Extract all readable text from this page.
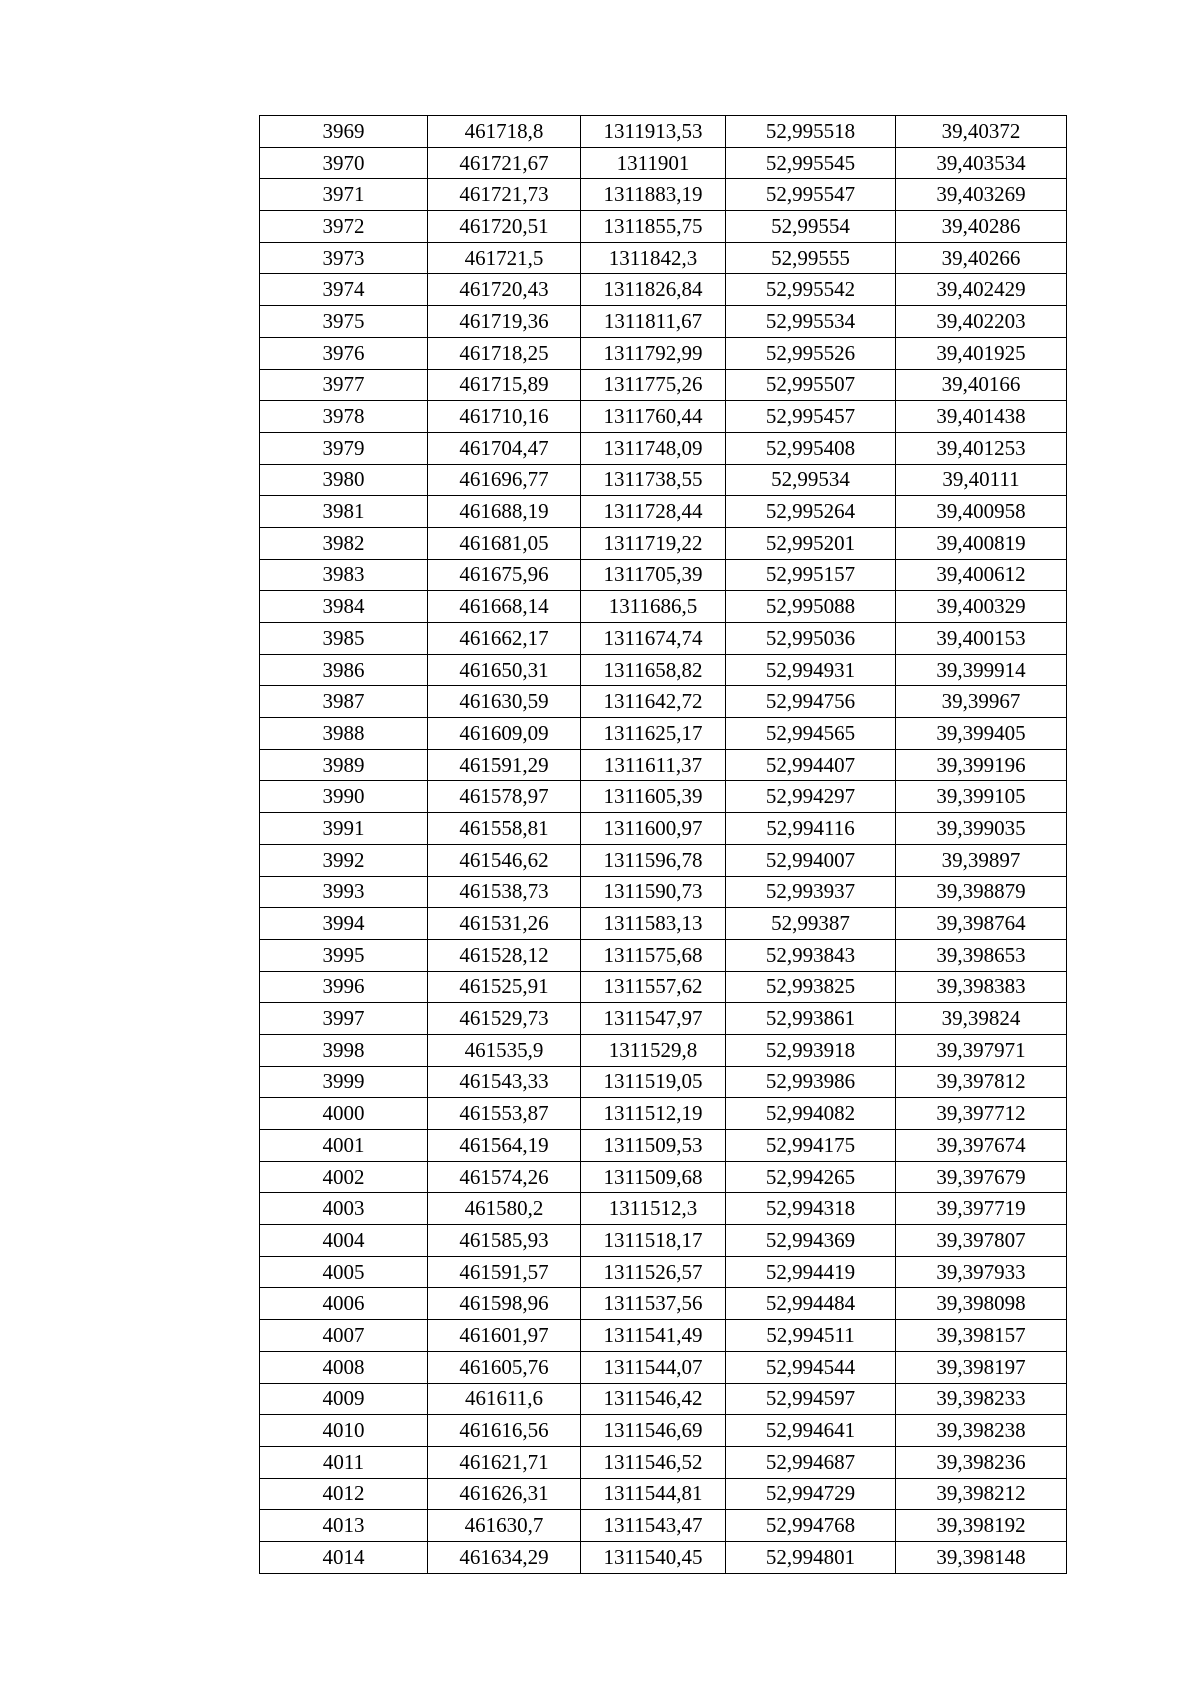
3969	461718,8	1311913,53	52,995518	39,40372
3970	461721,67	1311901	52,995545	39,403534
3971	461721,73	1311883,19	52,995547	39,403269
3972	461720,51	1311855,75	52,99554	39,40286
3973	461721,5	1311842,3	52,99555	39,40266
3974	461720,43	1311826,84	52,995542	39,402429
3975	461719,36	1311811,67	52,995534	39,402203
3976	461718,25	1311792,99	52,995526	39,401925
3977	461715,89	1311775,26	52,995507	39,40166
3978	461710,16	1311760,44	52,995457	39,401438
3979	461704,47	1311748,09	52,995408	39,401253
3980	461696,77	1311738,55	52,99534	39,40111
3981	461688,19	1311728,44	52,995264	39,400958
3982	461681,05	1311719,22	52,995201	39,400819
3983	461675,96	1311705,39	52,995157	39,400612
3984	461668,14	1311686,5	52,995088	39,400329
3985	461662,17	1311674,74	52,995036	39,400153
3986	461650,31	1311658,82	52,994931	39,399914
3987	461630,59	1311642,72	52,994756	39,39967
3988	461609,09	1311625,17	52,994565	39,399405
3989	461591,29	1311611,37	52,994407	39,399196
3990	461578,97	1311605,39	52,994297	39,399105
3991	461558,81	1311600,97	52,994116	39,399035
3992	461546,62	1311596,78	52,994007	39,39897
3993	461538,73	1311590,73	52,993937	39,398879
3994	461531,26	1311583,13	52,99387	39,398764
3995	461528,12	1311575,68	52,993843	39,398653
3996	461525,91	1311557,62	52,993825	39,398383
3997	461529,73	1311547,97	52,993861	39,39824
3998	461535,9	1311529,8	52,993918	39,397971
3999	461543,33	1311519,05	52,993986	39,397812
4000	461553,87	1311512,19	52,994082	39,397712
4001	461564,19	1311509,53	52,994175	39,397674
4002	461574,26	1311509,68	52,994265	39,397679
4003	461580,2	1311512,3	52,994318	39,397719
4004	461585,93	1311518,17	52,994369	39,397807
4005	461591,57	1311526,57	52,994419	39,397933
4006	461598,96	1311537,56	52,994484	39,398098
4007	461601,97	1311541,49	52,994511	39,398157
4008	461605,76	1311544,07	52,994544	39,398197
4009	461611,6	1311546,42	52,994597	39,398233
4010	461616,56	1311546,69	52,994641	39,398238
4011	461621,71	1311546,52	52,994687	39,398236
4012	461626,31	1311544,81	52,994729	39,398212
4013	461630,7	1311543,47	52,994768	39,398192
4014	461634,29	1311540,45	52,994801	39,398148
